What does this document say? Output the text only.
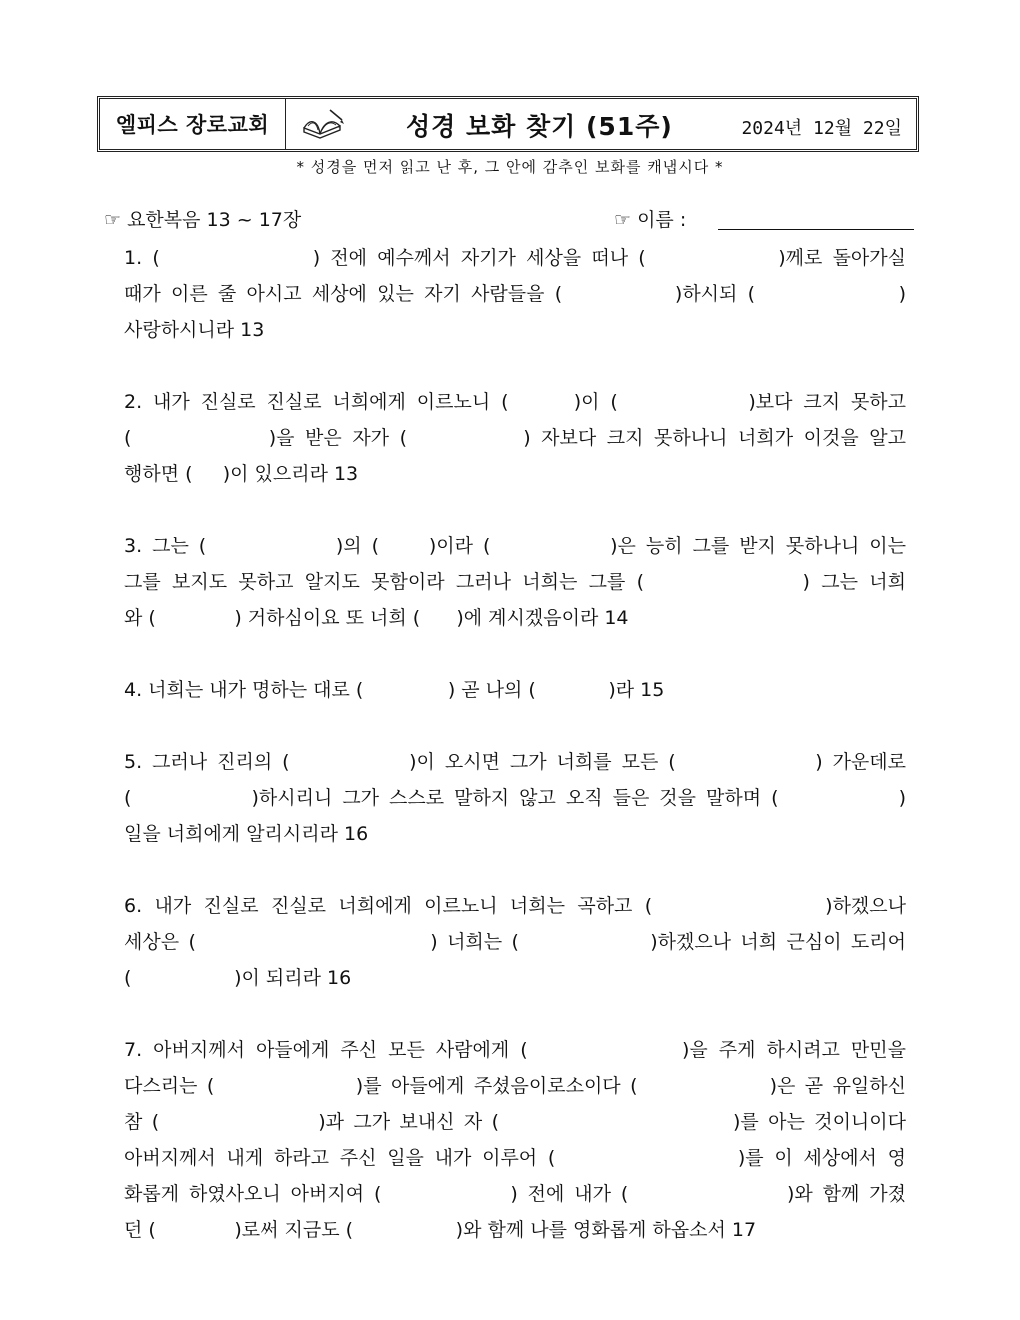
엘피스 장로교회	성경 보화 찾기 (51주)	2024년 12월 22일
* 성경을 먼저 읽고 난 후, 그 안에 감추인 보화를 캐냅시다 *
☞ 요한복음 13 ~ 17장	☞ 이름 :
1. (               ) 전에 예수께서 자기가 세상을 떠나 (             )께로 돌아가실
때가 이른 줄 아시고 세상에 있는 자기 사람들을 (           )하시되 (              )
사랑하시니라 13
2. 내가 진실로 진실로 너희에게 이르노니 (      )이 (            )보다 크지 못하고
(             )을 받은 자가 (           ) 자보다 크지 못하나니 너희가 이것을 알고
행하면 (     )이 있으리라 13
3. 그는 (             )의 (     )이라 (            )은 능히 그를 받지 못하나니 이는
그를 보지도 못하고 알지도 못함이라 그러나 너희는 그를 (              ) 그는 너희
와 (             ) 거하심이요 또 너희 (      )에 계시겠음이라 14
4. 너희는 내가 명하는 대로 (              ) 곧 나의 (            )라 15
5. 그러나 진리의 (            )이 오시면 그가 너희를 모든 (              ) 가운데로
(            )하시리니 그가 스스로 말하지 않고 오직 들은 것을 말하며 (            )
일을 너희에게 알리시리라 16
6. 내가 진실로 진실로 너희에게 이르노니 너희는 곡하고 (              )하겠으나
세상은 (                         ) 너희는 (              )하겠으나 너희 근심이 도리어
(                 )이 되리라 16
7. 아버지께서 아들에게 주신 모든 사람에게 (              )을 주게 하시려고 만민을
다스리는 (               )를 아들에게 주셨음이로소이다 (              )은 곧 유일하신
참 (                 )과 그가 보내신 자 (                         )를 아는 것이니이다
아버지께서 내게 하라고 주신 일을 내가 이루어 (                 )를 이 세상에서 영
화롭게 하였사오니 아버지여 (             ) 전에 내가 (                )와 함께 가졌
던 (             )로써 지금도 (                 )와 함께 나를 영화롭게 하옵소서 17
